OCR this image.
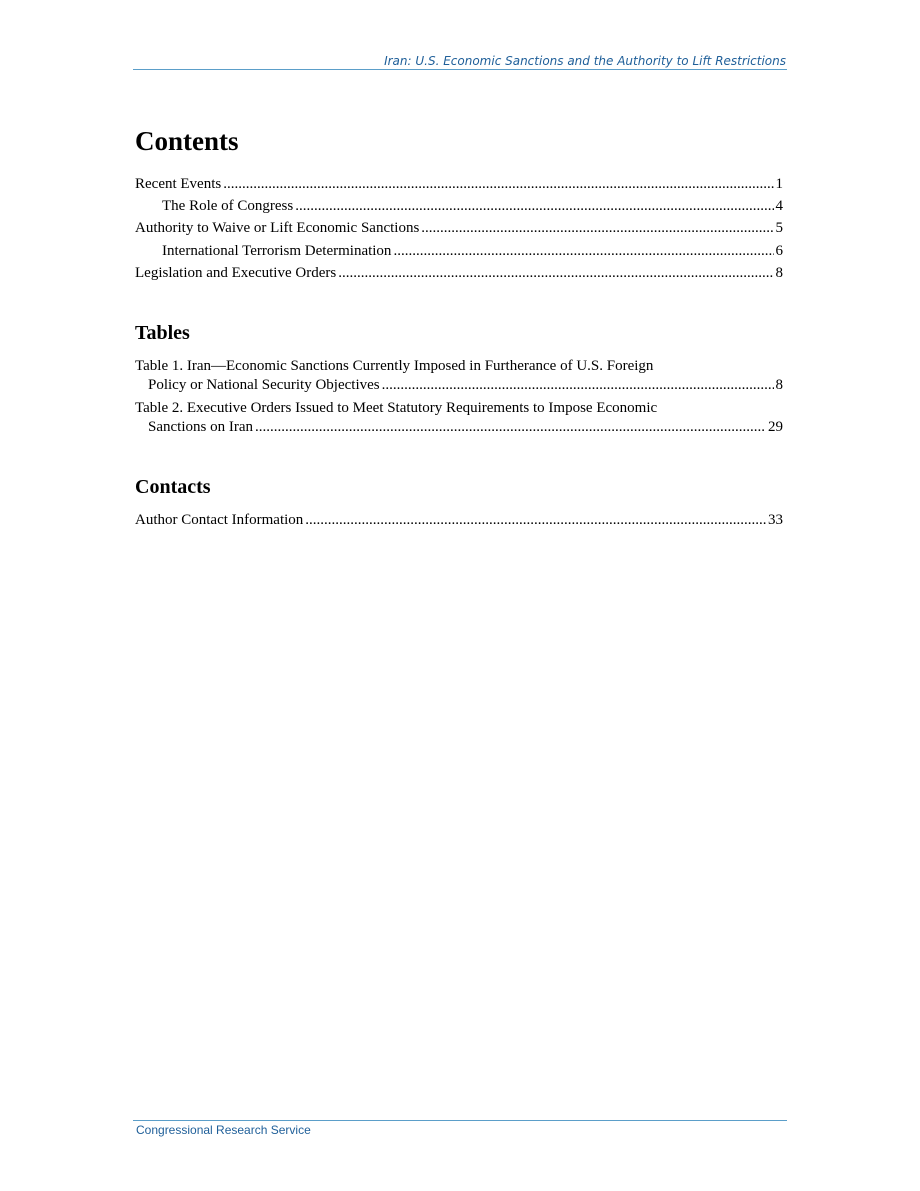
Iran: U.S. Economic Sanctions and the Authority to Lift Restrictions
Contents
Recent Events .....	1
The Role of Congress .....	4
Authority to Waive or Lift Economic Sanctions .....	5
International Terrorism Determination .....	6
Legislation and Executive Orders .....	8
Tables
Table 1. Iran—Economic Sanctions Currently Imposed in Furtherance of U.S. Foreign
Policy or National Security Objectives .....	8
Table 2. Executive Orders Issued to Meet Statutory Requirements to Impose Economic
Sanctions on Iran .....	29
Contacts
Author Contact Information .....	33
Congressional Research Service
